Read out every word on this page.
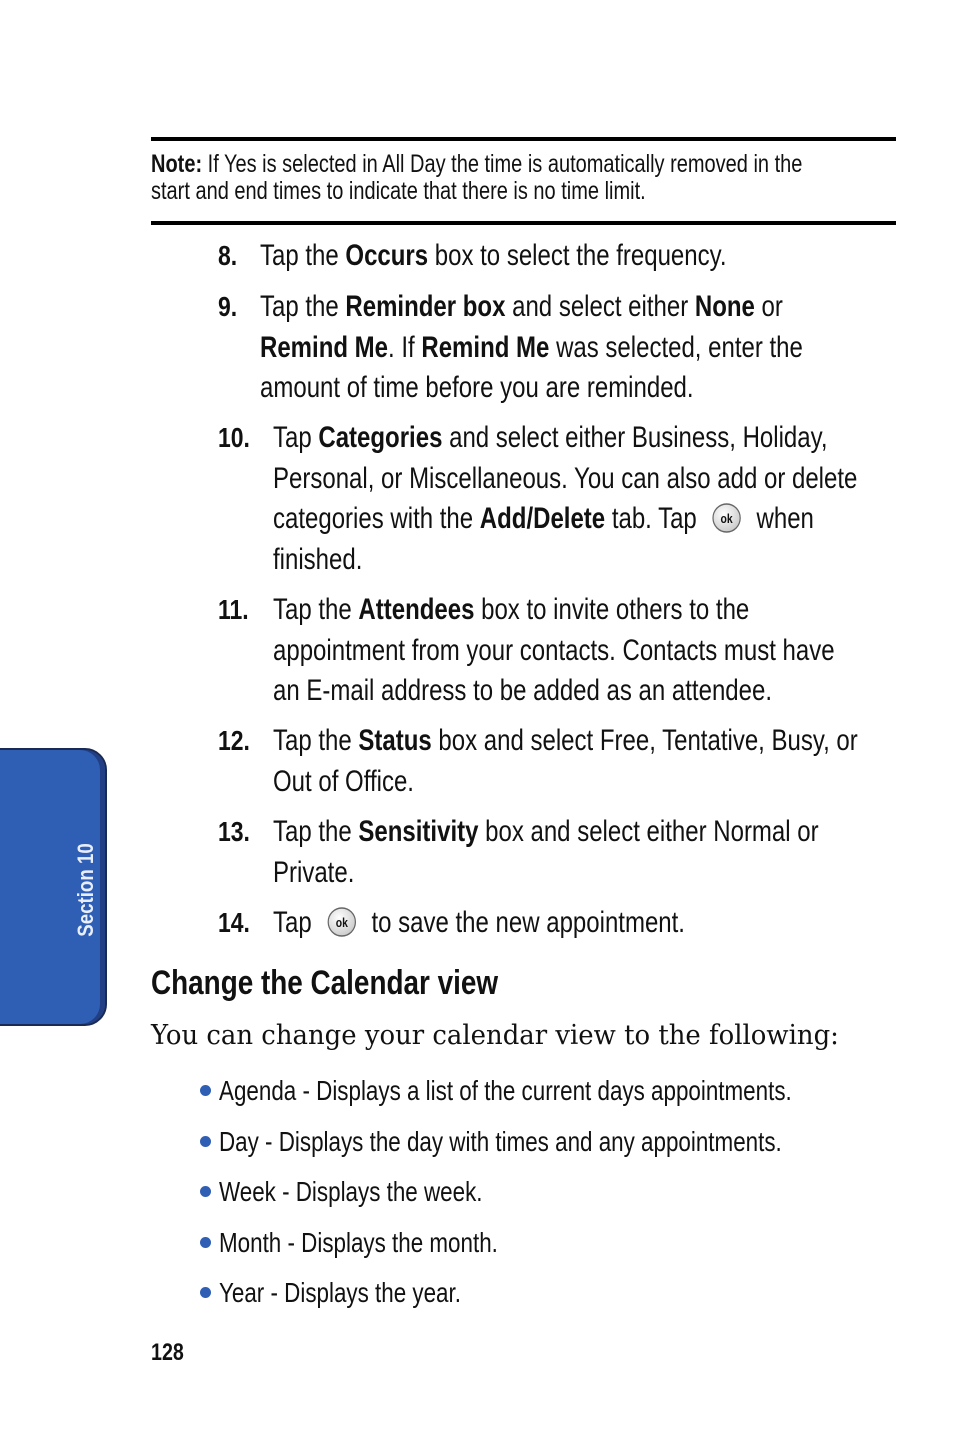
Note: If Yes is selected in All Day the time is automatically removed in the
start and end times to indicate that there is no time limit.
8. Tap the Occurs box to select the frequency.
9. Tap the Reminder box and select either None or
Remind Me. If Remind Me was selected, enter the
amount of time before you are reminded.
10. Tap Categories and select either Business, Holiday,
Personal, or Miscellaneous. You can also add or delete
categories with the Add/Delete tab. Tap ok when
finished.
11. Tap the Attendees box to invite others to the
appointment from your contacts. Contacts must have
an E-mail address to be added as an attendee.
12. Tap the Status box and select Free, Tentative, Busy, or
Out of Office.
13. Tap the Sensitivity box and select either Normal or
Private.
14. Tap ok to save the new appointment.
Change the Calendar view
You can change your calendar view to the following:
Agenda - Displays a list of the current days appointments.
Day - Displays the day with times and any appointments.
Week - Displays the week.
Month - Displays the month.
Year - Displays the year.
128
Section 10
